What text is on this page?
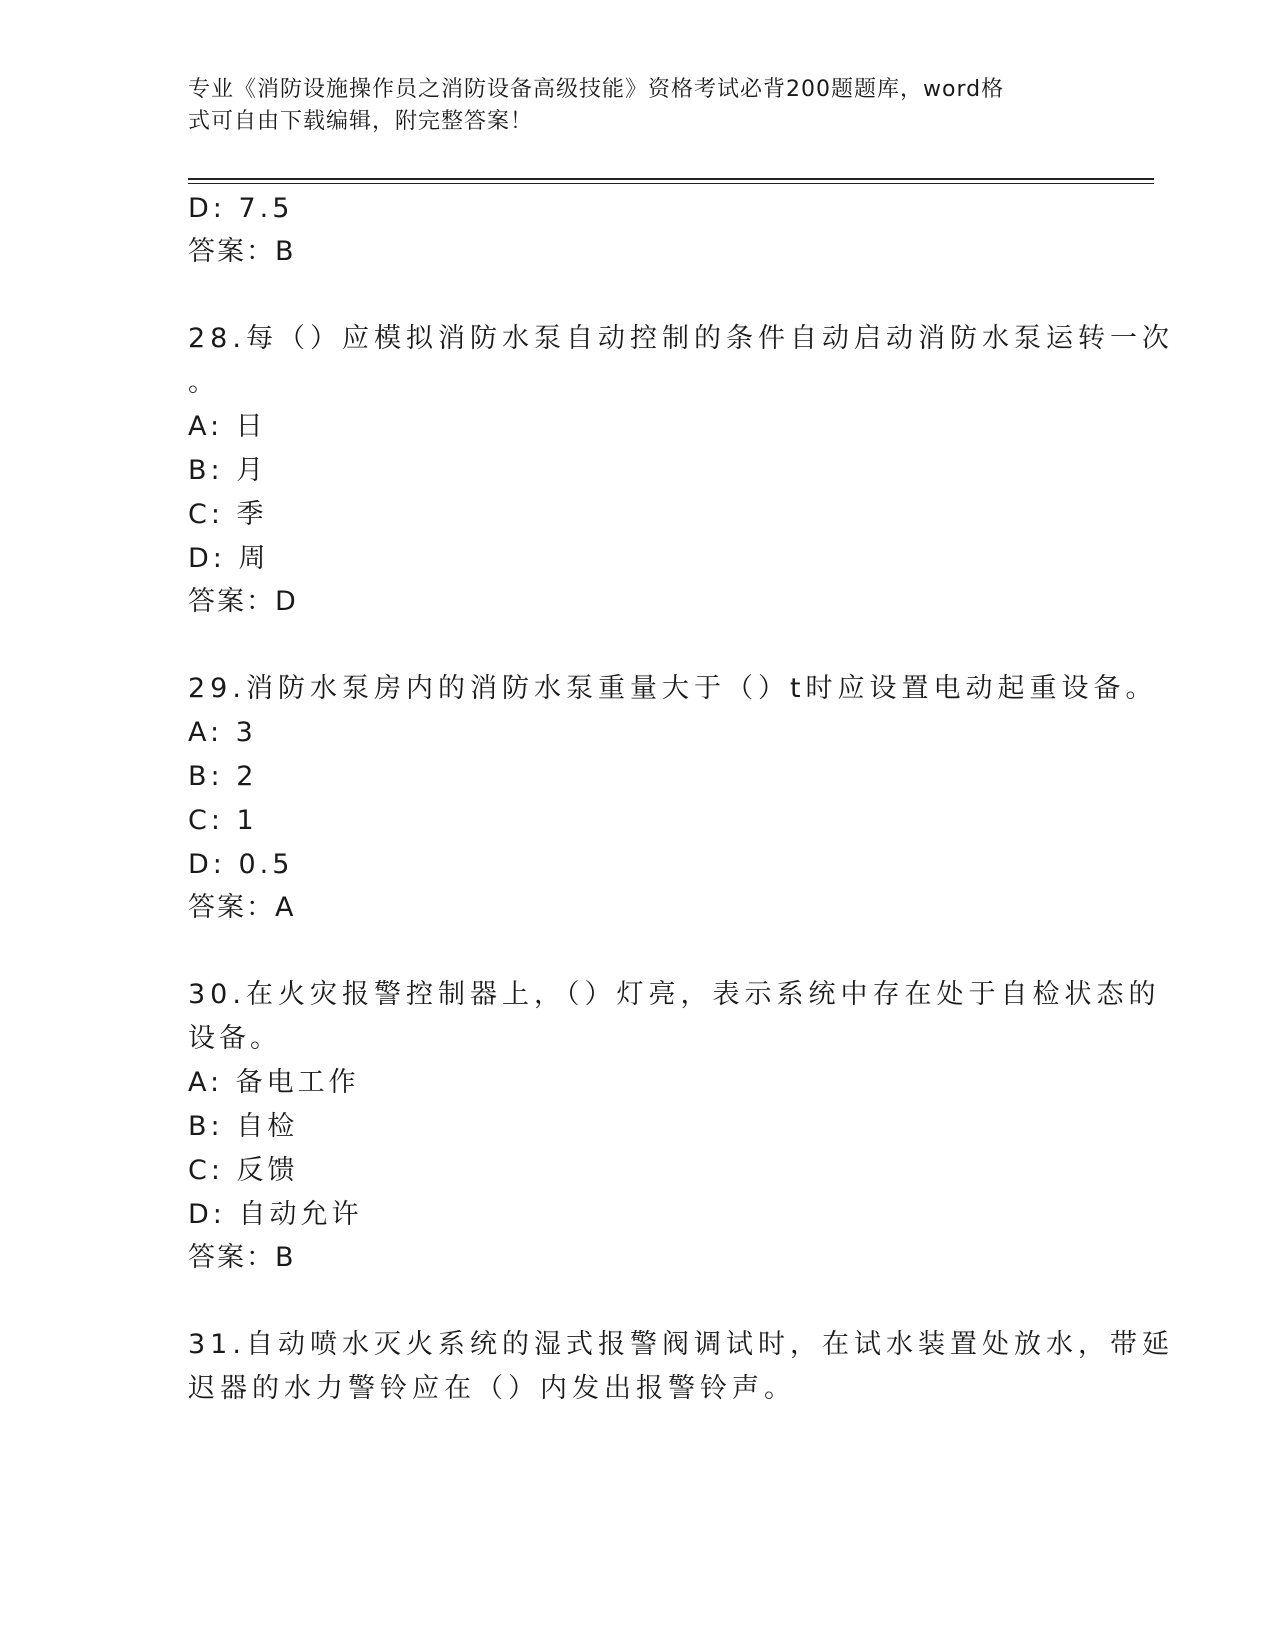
专业《消防设施操作员之消防设备高级技能》资格考试必背200题题库，word格
式可自由下载编辑，附完整答案！
D: 7.5
答案：B
28.每（）应模拟消防水泵自动控制的条件自动启动消防水泵运转一次
。
A: 日
B: 月
C: 季
D: 周
答案：D
29.消防水泵房内的消防水泵重量大于（）t时应设置电动起重设备。
A: 3
B: 2
C: 1
D: 0.5
答案：A
30.在火灾报警控制器上，（）灯亮，表示系统中存在处于自检状态的
设备。
A: 备电工作
B: 自检
C: 反馈
D: 自动允许
答案：B
31.自动喷水灭火系统的湿式报警阀调试时，在试水装置处放水，带延
迟器的水力警铃应在（）内发出报警铃声。
